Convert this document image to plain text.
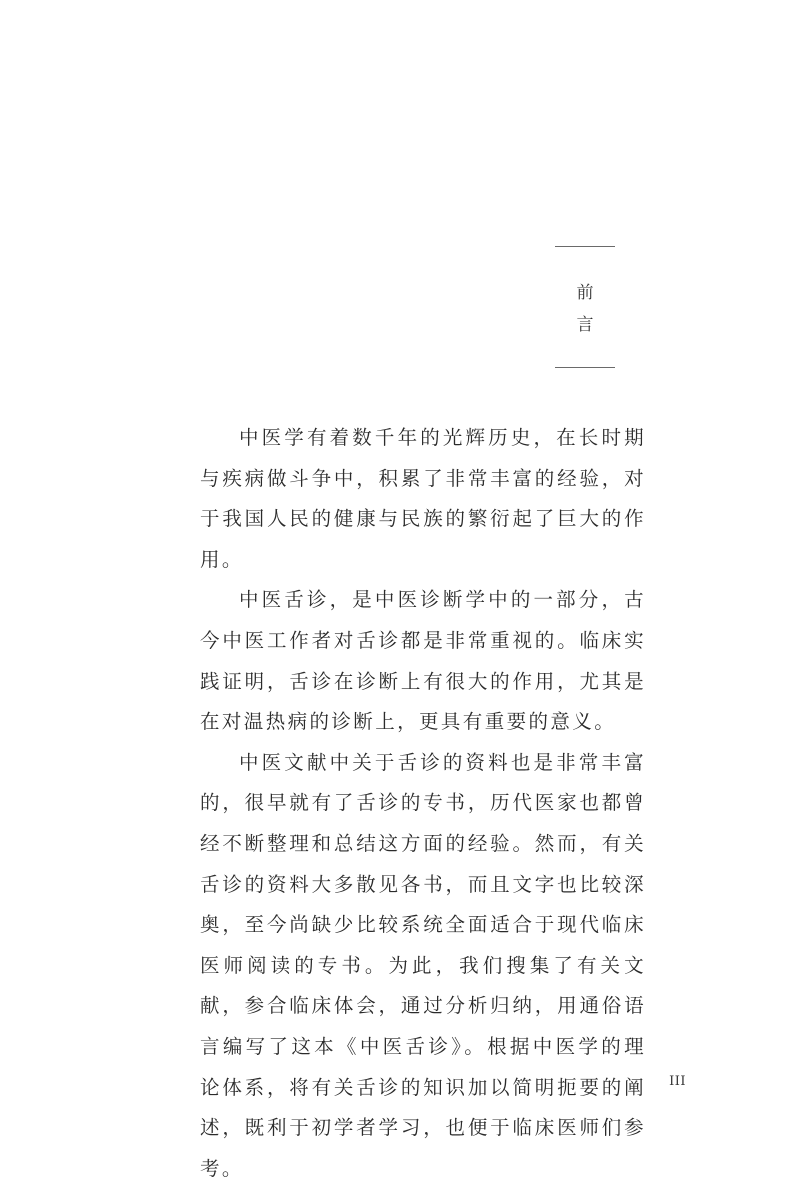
前
言

中医学有着数千年的光辉历史，在长时期与疾病做斗争中，积累了非常丰富的经验，对于我国人民的健康与民族的繁衍起了巨大的作用。

中医舌诊，是中医诊断学中的一部分，古今中医工作者对舌诊都是非常重视的。临床实践证明，舌诊在诊断上有很大的作用，尤其是在对温热病的诊断上，更具有重要的意义。

中医文献中关于舌诊的资料也是非常丰富的，很早就有了舌诊的专书，历代医家也都曾经不断整理和总结这方面的经验。然而，有关舌诊的资料大多散见各书，而且文字也比较深奥，至今尚缺少比较系统全面适合于现代临床医师阅读的专书。为此，我们搜集了有关文献，参合临床体会，通过分析归纳，用通俗语言编写了这本《中医舌诊》。根据中医学的理论体系，将有关舌诊的知识加以简明扼要的阐述，既利于初学者学习，也便于临床医师们参考。

III
